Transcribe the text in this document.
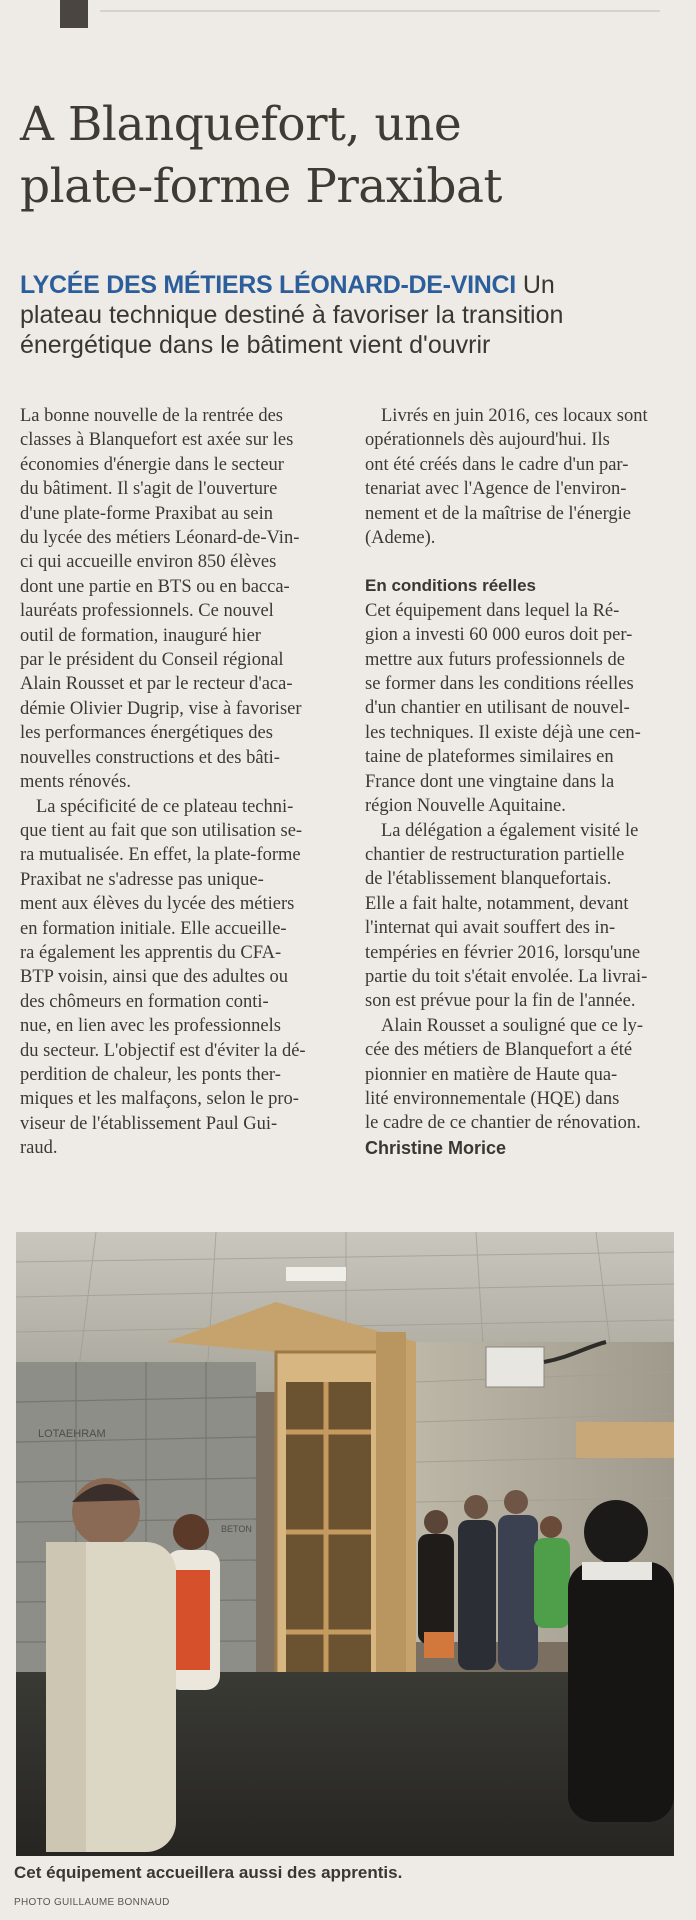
A Blanquefort, une
plate-forme Praxibat
LYCÉE DES MÉTIERS LÉONARD-DE-VINCI Un
plateau technique destiné à favoriser la transition
énergétique dans le bâtiment vient d'ouvrir
La bonne nouvelle de la rentrée des
classes à Blanquefort est axée sur les
économies d'énergie dans le secteur
du bâtiment. Il s'agit de l'ouverture
d'une plate-forme Praxibat au sein
du lycée des métiers Léonard-de-Vin-
ci qui accueille environ 850 élèves
dont une partie en BTS ou en bacca-
lauréats professionnels. Ce nouvel
outil de formation, inauguré hier
par le président du Conseil régional
Alain Rousset et par le recteur d'aca-
démie Olivier Dugrip, vise à favoriser
les performances énergétiques des
nouvelles constructions et des bâti-
ments rénovés.
La spécificité de ce plateau techni-
que tient au fait que son utilisation se-
ra mutualisée. En effet, la plate-forme
Praxibat ne s'adresse pas unique-
ment aux élèves du lycée des métiers
en formation initiale. Elle accueille-
ra également les apprentis du CFA-
BTP voisin, ainsi que des adultes ou
des chômeurs en formation conti-
nue, en lien avec les professionnels
du secteur. L'objectif est d'éviter la dé-
perdition de chaleur, les ponts ther-
miques et les malfaçons, selon le pro-
viseur de l'établissement Paul Gui-
raud.
Livrés en juin 2016, ces locaux sont
opérationnels dès aujourd'hui. Ils
ont été créés dans le cadre d'un par-
tenariat avec l'Agence de l'environ-
nement et de la maîtrise de l'énergie
(Ademe).
En conditions réelles
Cet équipement dans lequel la Ré-
gion a investi 60 000 euros doit per-
mettre aux futurs professionnels de
se former dans les conditions réelles
d'un chantier en utilisant de nouvel-
les techniques. Il existe déjà une cen-
taine de plateformes similaires en
France dont une vingtaine dans la
région Nouvelle Aquitaine.
La délégation a également visité le
chantier de restructuration partielle
de l'établissement blanquefortais.
Elle a fait halte, notamment, devant
l'internat qui avait souffert des in-
tempéries en février 2016, lorsqu'une
partie du toit s'était envolée. La livrai-
son est prévue pour la fin de l'année.
Alain Rousset a souligné que ce ly-
cée des métiers de Blanquefort a été
pionnier en matière de Haute qua-
lité environnementale (HQE) dans
le cadre de ce chantier de rénovation.
Christine Morice
LOTAEHRAM
BETON
Cet équipement accueillera aussi des apprentis.
PHOTO GUILLAUME BONNAUD
